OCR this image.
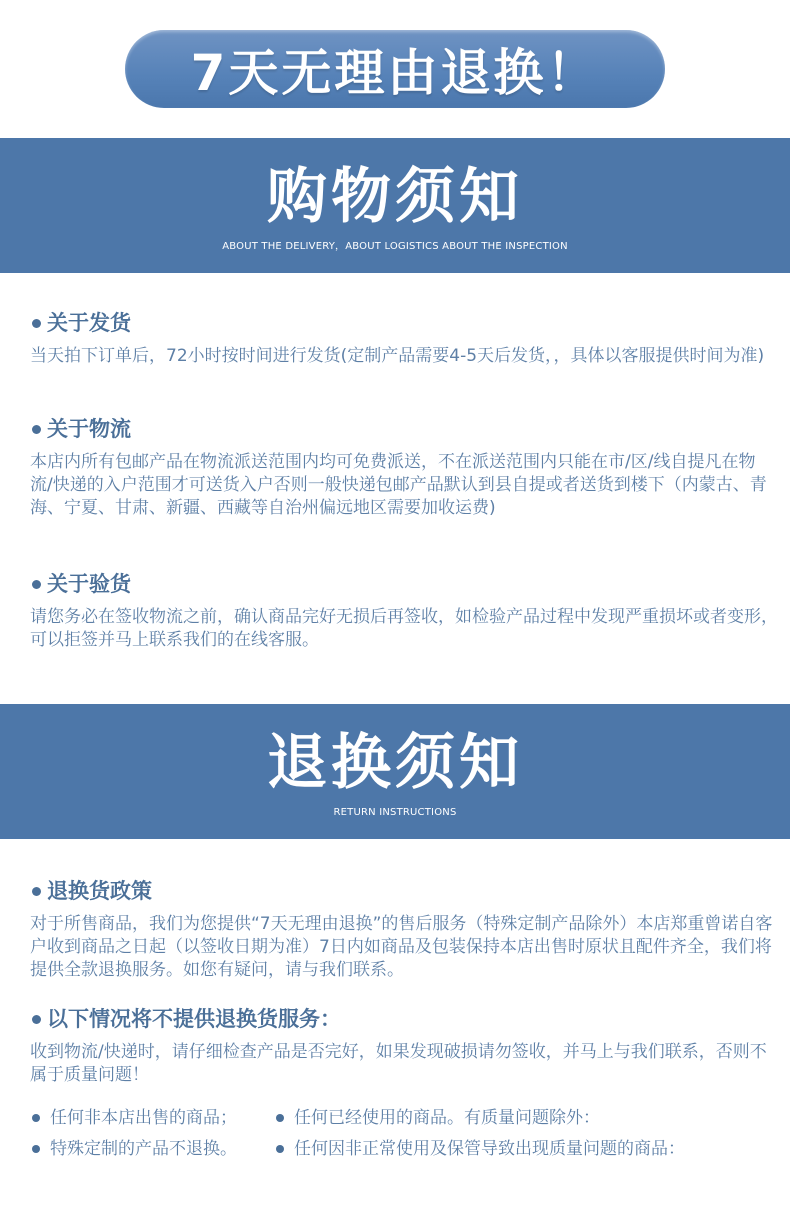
7天无理由退换！
购物须知
ABOUT THE DELIVERY，ABOUT LOGISTICS ABOUT THE INSPECTION
关于发货
当天拍下订单后，72小时按时间进行发货(定制产品需要4-5天后发货，，具体以客服提供时间为准)
关于物流
本店内所有包邮产品在物流派送范围内均可免费派送，不在派送范围内只能在市/区/线自提凡在物流/快递的入户范围才可送货入户否则一般快递包邮产品默认到县自提或者送货到楼下（内蒙古、青海、宁夏、甘肃、新疆、西藏等自治州偏远地区需要加收运费)
关于验货
请您务必在签收物流之前，确认商品完好无损后再签收，如检验产品过程中发现严重损坏或者变形，可以拒签并马上联系我们的在线客服。
退换须知
RETURN INSTRUCTIONS
退换货政策
对于所售商品，我们为您提供“7天无理由退换”的售后服务（特殊定制产品除外）本店郑重曾诺自客户收到商品之日起（以签收日期为准）7日内如商品及包装保持本店出售时原状且配件齐全，我们将提供全款退换服务。如您有疑问，请与我们联系。
以下情况将不提供退换货服务：
收到物流/快递时，请仔细检查产品是否完好，如果发现破损请勿签收，并马上与我们联系，否则不属于质量问题！
任何非本店出售的商品；	任何已经使用的商品。有质量问题除外：
特殊定制的产品不退换。	任何因非正常使用及保管导致出现质量问题的商品：
